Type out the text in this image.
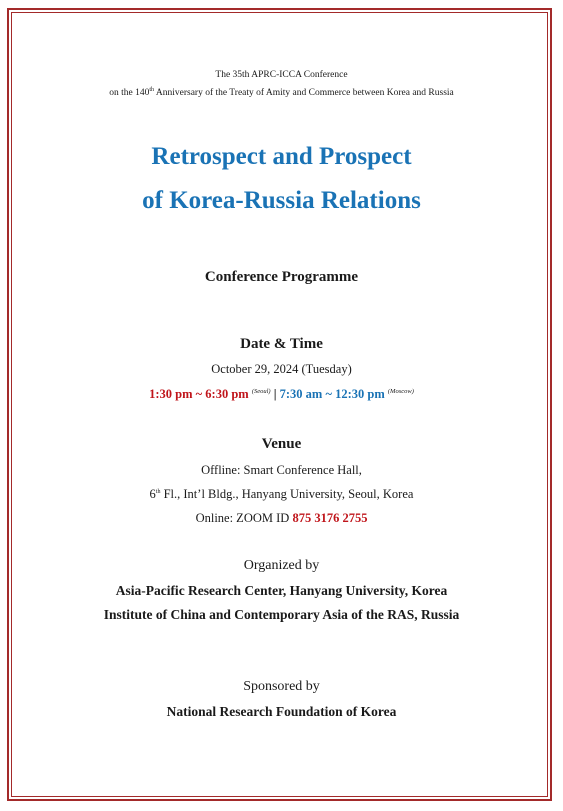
The 35th APRC-ICCA Conference
on the 140th Anniversary of the Treaty of Amity and Commerce between Korea and Russia
Retrospect and Prospect
of Korea-Russia Relations
Conference Programme
Date & Time
October 29, 2024 (Tuesday)
1:30 pm ~ 6:30 pm $^{(Seoul)}$ | 7:30 am ~ 12:30 pm $^{(Moscow)}$
Venue
Offline: Smart Conference Hall,
6th Fl., Int’l Bldg., Hanyang University, Seoul, Korea
Online: ZOOM ID 875 3176 2755
Organized by
Asia-Pacific Research Center, Hanyang University, Korea
Institute of China and Contemporary Asia of the RAS, Russia
Sponsored by
National Research Foundation of Korea
